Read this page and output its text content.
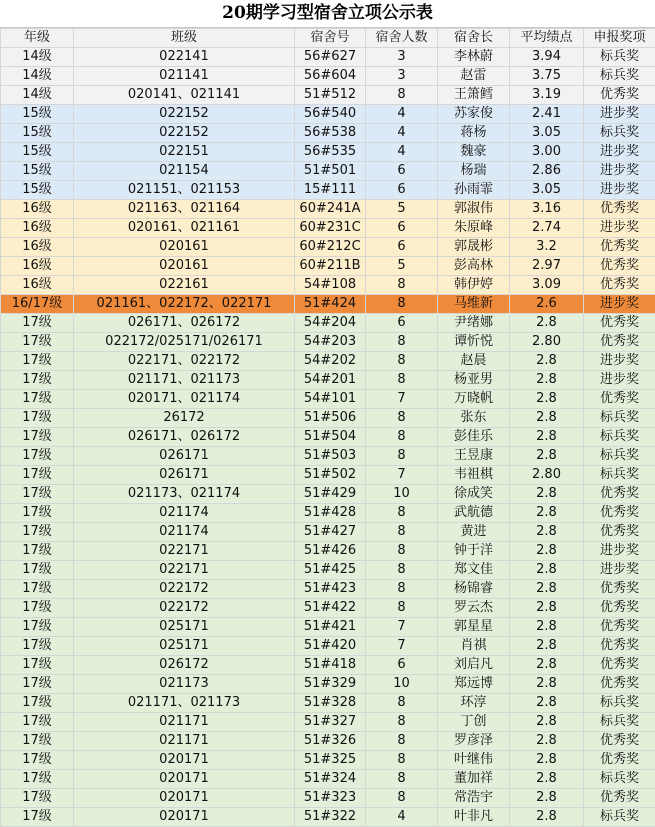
20期学习型宿舍立项公示表
年级	班级	宿舍号	宿舍人数	宿舍长	平均绩点	申报奖项
14级	022141	56#627	3	李林蔚	3.94	标兵奖
14级	021141	56#604	3	赵雷	3.75	标兵奖
14级	020141、021141	51#512	8	王箫鳕	3.19	优秀奖
15级	022152	56#540	4	苏家俊	2.41	进步奖
15级	022152	56#538	4	蒋杨	3.05	标兵奖
15级	022151	56#535	4	魏豪	3.00	进步奖
15级	021154	51#501	6	杨瑞	2.86	进步奖
15级	021151、021153	15#111	6	孙雨霏	3.05	进步奖
16级	021163、021164	60#241A	5	郭淑伟	3.16	优秀奖
16级	020161、021161	60#231C	6	朱原峰	2.74	进步奖
16级	020161	60#212C	6	郭晟彬	3.2	优秀奖
16级	020161	60#211B	5	彭高林	2.97	优秀奖
16级	022161	54#108	8	韩伊婷	3.09	优秀奖
16/17级	021161、022172、022171	51#424	8	马维新	2.6	进步奖
17级	026171、026172	54#204	6	尹绪娜	2.8	优秀奖
17级	022172/025171/026171	54#203	8	谭忻悦	2.80	优秀奖
17级	022171、022172	54#202	8	赵晨	2.8	进步奖
17级	021171、021173	54#201	8	杨亚男	2.8	进步奖
17级	020171、021174	54#101	7	万晓帆	2.8	优秀奖
17级	26172	51#506	8	张东	2.8	标兵奖
17级	026171、026172	51#504	8	彭佳乐	2.8	标兵奖
17级	026171	51#503	8	王昱康	2.8	标兵奖
17级	026171	51#502	7	韦祖棋	2.80	标兵奖
17级	021173、021174	51#429	10	徐成笑	2.8	优秀奖
17级	021174	51#428	8	武航德	2.8	优秀奖
17级	021174	51#427	8	黄进	2.8	优秀奖
17级	022171	51#426	8	钟于洋	2.8	进步奖
17级	022171	51#425	8	郑文佳	2.8	进步奖
17级	022172	51#423	8	杨锦睿	2.8	优秀奖
17级	022172	51#422	8	罗云杰	2.8	优秀奖
17级	025171	51#421	7	郭星星	2.8	优秀奖
17级	025171	51#420	7	肖祺	2.8	优秀奖
17级	026172	51#418	6	刘启凡	2.8	优秀奖
17级	021173	51#329	10	郑远博	2.8	优秀奖
17级	021171、021173	51#328	8	环淳	2.8	标兵奖
17级	021171	51#327	8	丁创	2.8	标兵奖
17级	021171	51#326	8	罗彦泽	2.8	优秀奖
17级	020171	51#325	8	叶继伟	2.8	优秀奖
17级	020171	51#324	8	董加祥	2.8	标兵奖
17级	020171	51#323	8	常浩宇	2.8	优秀奖
17级	020171	51#322	4	叶非凡	2.8	标兵奖
